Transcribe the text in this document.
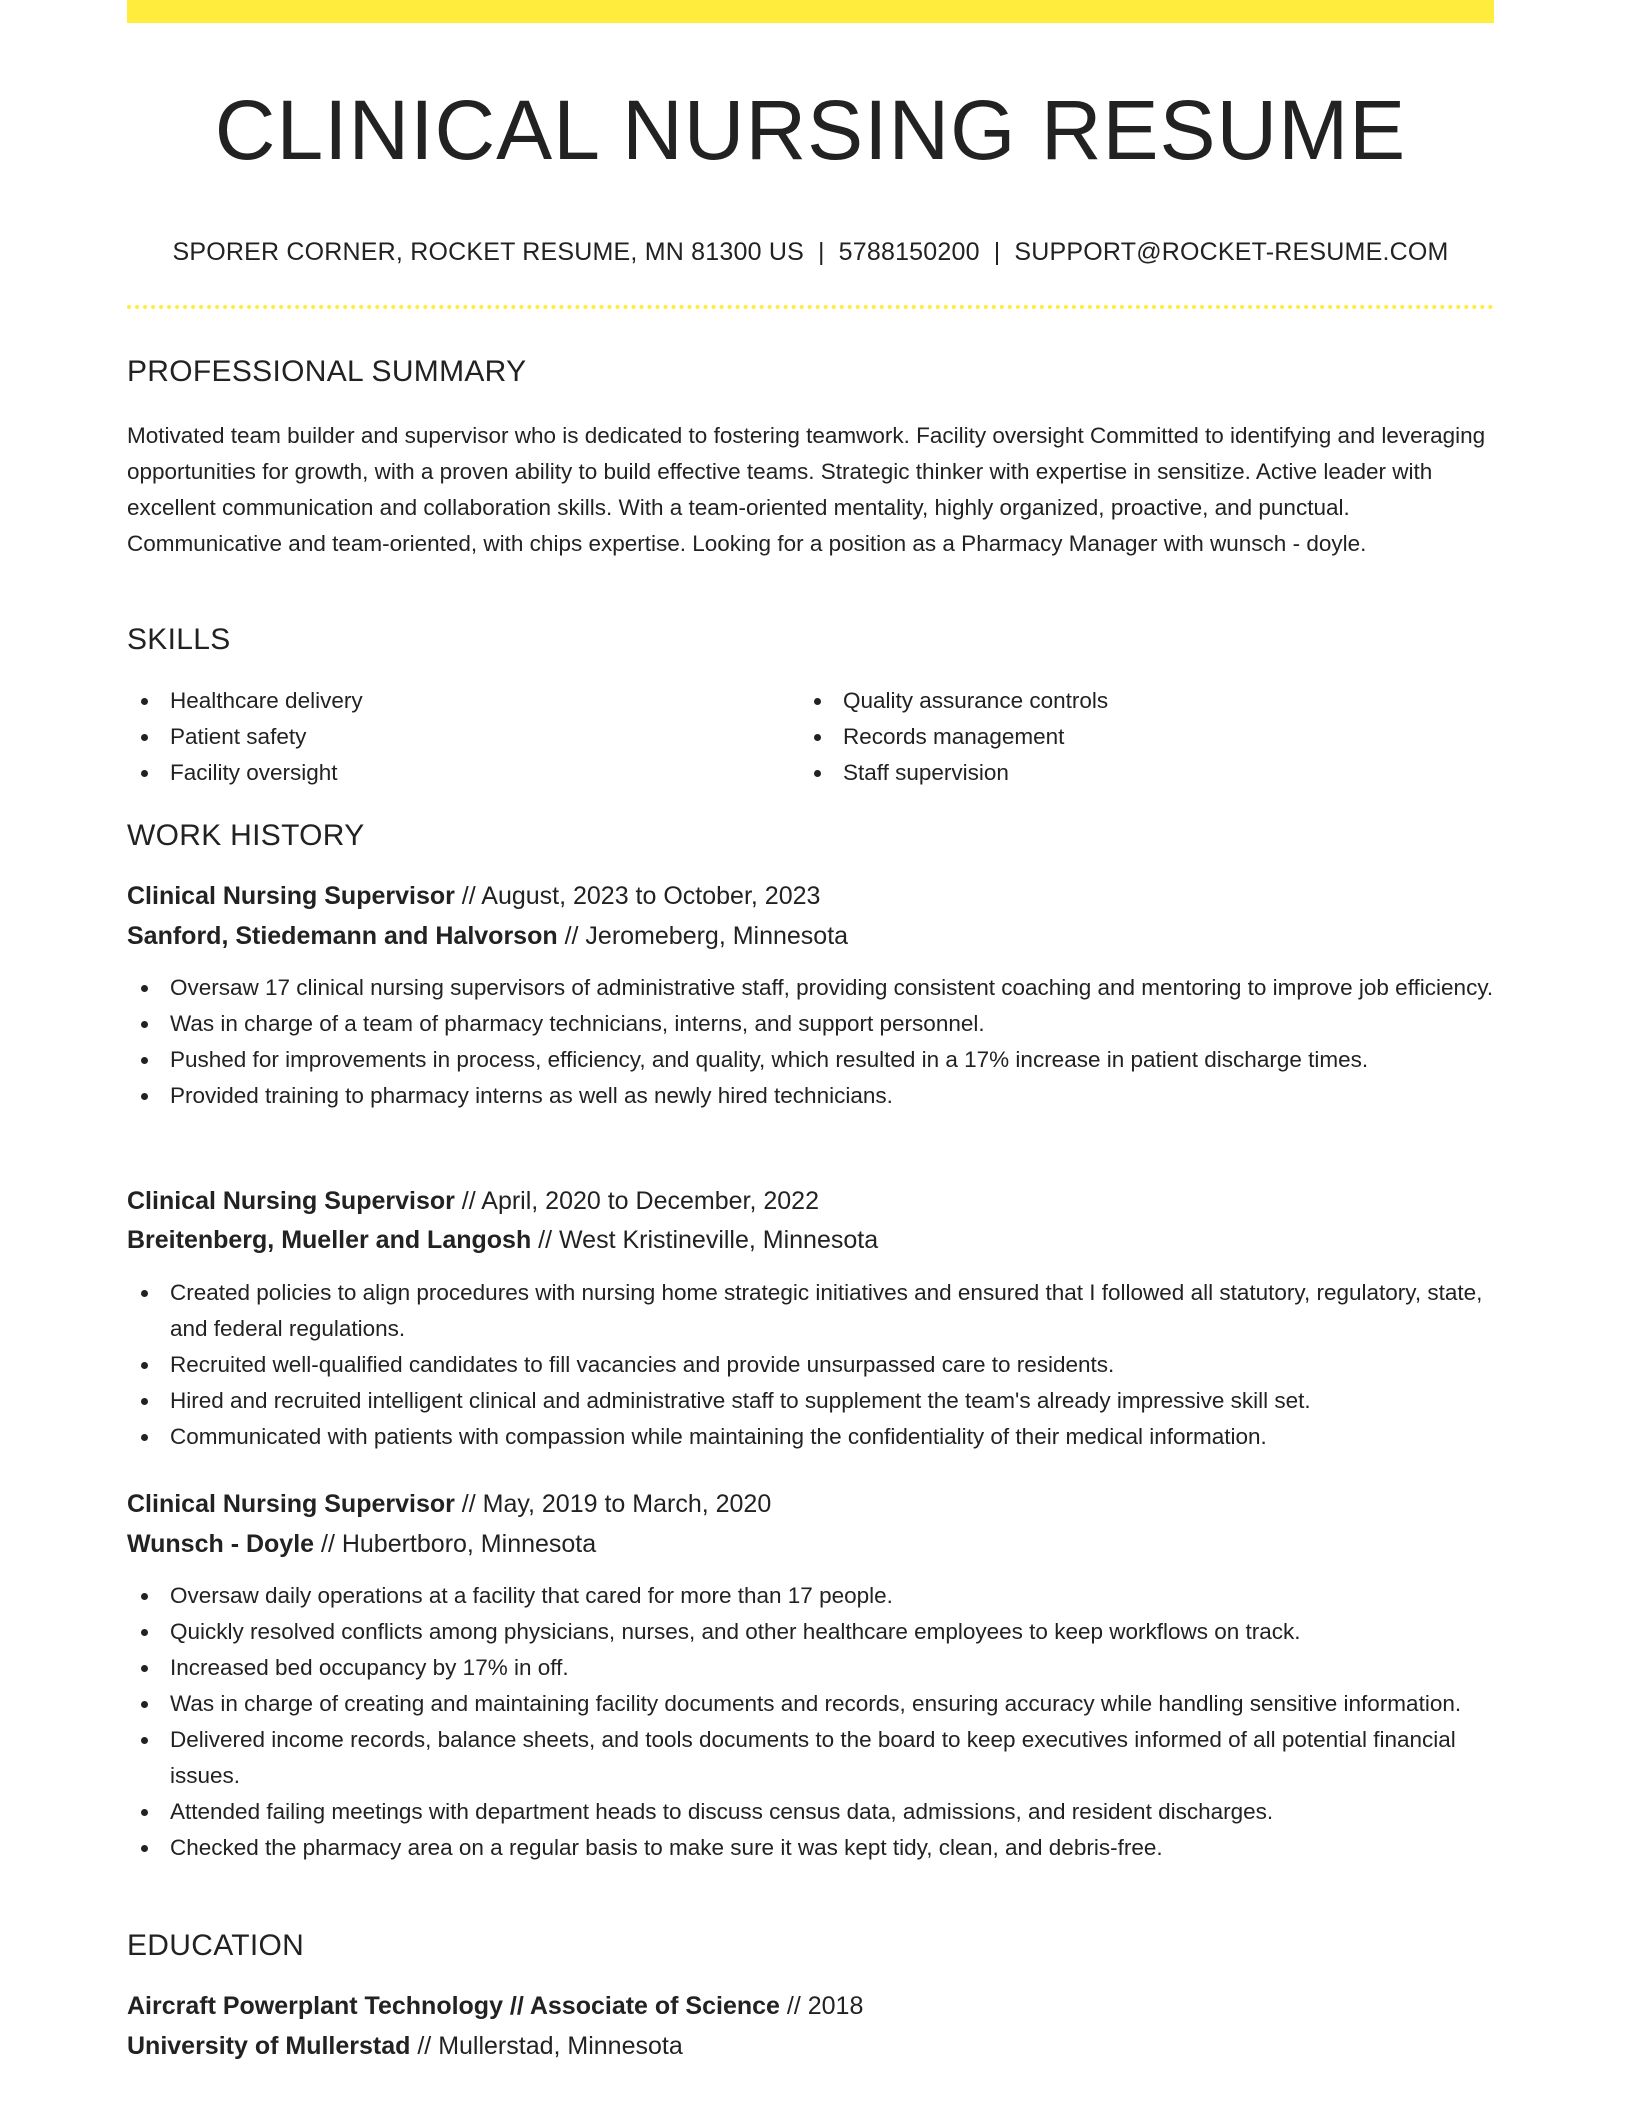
CLINICAL NURSING RESUME
SPORER CORNER, ROCKET RESUME, MN 81300 US | 5788150200 | SUPPORT@ROCKET-RESUME.COM
PROFESSIONAL SUMMARY

Motivated team builder and supervisor who is dedicated to fostering teamwork. Facility oversight Committed to identifying and leveraging opportunities for growth, with a proven ability to build effective teams. Strategic thinker with expertise in sensitize. Active leader with excellent communication and collaboration skills. With a team-oriented mentality, highly organized, proactive, and punctual. Communicative and team-oriented, with chips expertise. Looking for a position as a Pharmacy Manager with wunsch - doyle.

SKILLS
Healthcare delivery
Patient safety
Facility oversight
Quality assurance controls
Records management
Staff supervision
WORK HISTORY
Clinical Nursing Supervisor // August, 2023 to October, 2023
Sanford, Stiedemann and Halvorson // Jeromeberg, Minnesota
Oversaw 17 clinical nursing supervisors of administrative staff, providing consistent coaching and mentoring to improve job efficiency.
Was in charge of a team of pharmacy technicians, interns, and support personnel.
Pushed for improvements in process, efficiency, and quality, which resulted in a 17% increase in patient discharge times.
Provided training to pharmacy interns as well as newly hired technicians.
Clinical Nursing Supervisor // April, 2020 to December, 2022
Breitenberg, Mueller and Langosh // West Kristineville, Minnesota
Created policies to align procedures with nursing home strategic initiatives and ensured that I followed all statutory, regulatory, state, and federal regulations.
Recruited well-qualified candidates to fill vacancies and provide unsurpassed care to residents.
Hired and recruited intelligent clinical and administrative staff to supplement the team's already impressive skill set.
Communicated with patients with compassion while maintaining the confidentiality of their medical information.
Clinical Nursing Supervisor // May, 2019 to March, 2020
Wunsch - Doyle // Hubertboro, Minnesota
Oversaw daily operations at a facility that cared for more than 17 people.
Quickly resolved conflicts among physicians, nurses, and other healthcare employees to keep workflows on track.
Increased bed occupancy by 17% in off.
Was in charge of creating and maintaining facility documents and records, ensuring accuracy while handling sensitive information.
Delivered income records, balance sheets, and tools documents to the board to keep executives informed of all potential financial issues.
Attended failing meetings with department heads to discuss census data, admissions, and resident discharges.
Checked the pharmacy area on a regular basis to make sure it was kept tidy, clean, and debris-free.
EDUCATION
Aircraft Powerplant Technology // Associate of Science // 2018
University of Mullerstad // Mullerstad, Minnesota
